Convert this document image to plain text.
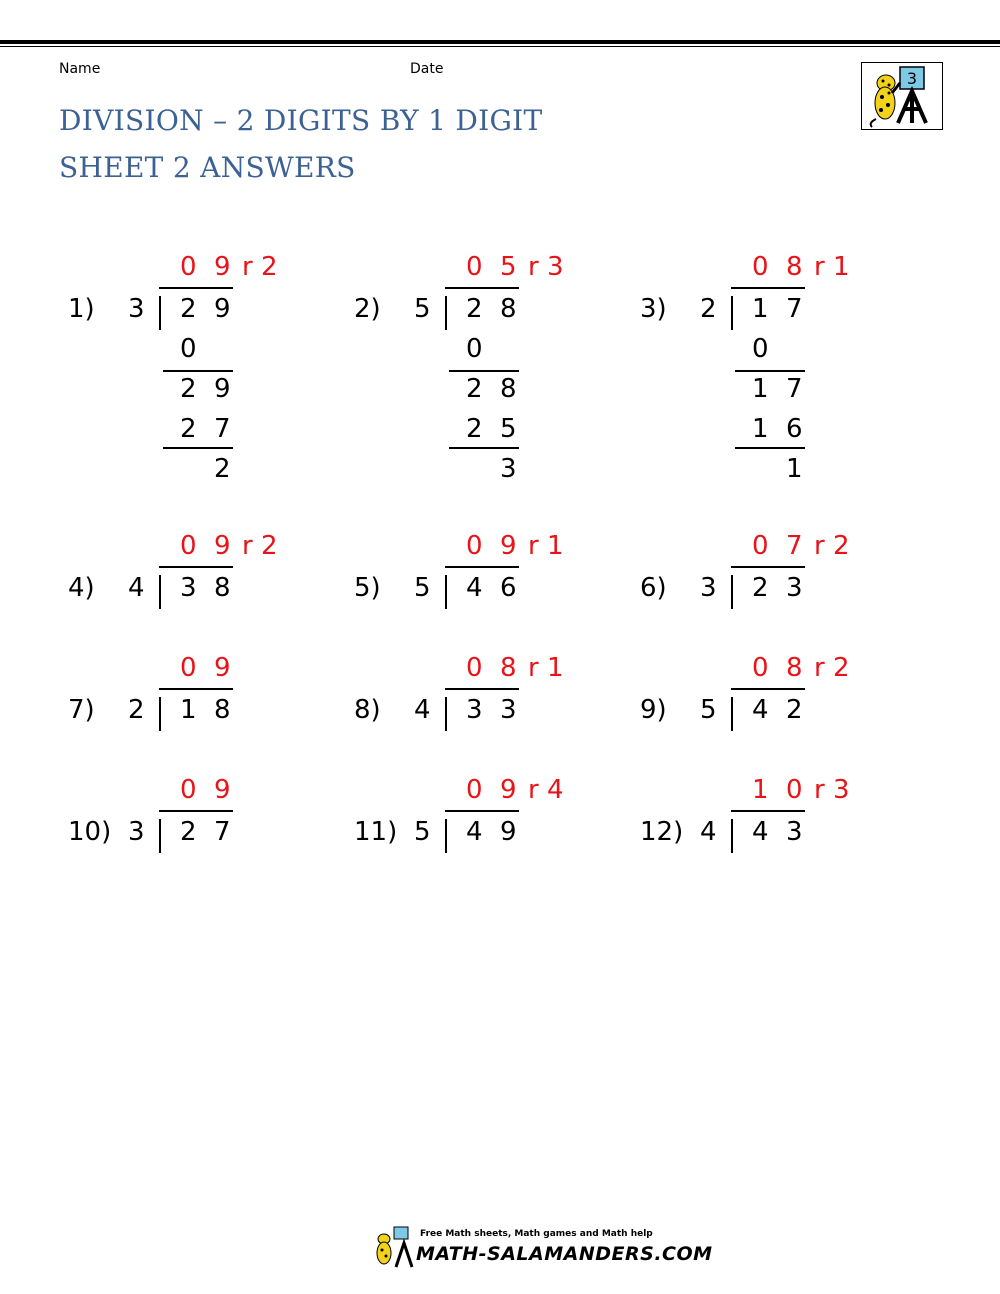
Name	Date
DIVISION – 2 DIGITS BY 1 DIGIT
SHEET 2 ANSWERS
3
1) 3 2 9
0 9 r 2
0
2 9
2 7
2
2) 5 2 8
0 5 r 3
0
2 8
2 5
3
3) 2 1 7
0 8 r 1
0
1 7
1 6
1
4) 4 3 8
0 9 r 2
5) 5 4 6
0 9 r 1
6) 3 2 3
0 7 r 2
7) 2 1 8
0 9
8) 4 3 3
0 8 r 1
9) 5 4 2
0 8 r 2
10) 3 2 7
0 9
11) 5 4 9
0 9 r 4
12) 4 4 3
1 0 r 3
Free Math sheets, Math games and Math help
MATH-SALAMANDERS.COM
